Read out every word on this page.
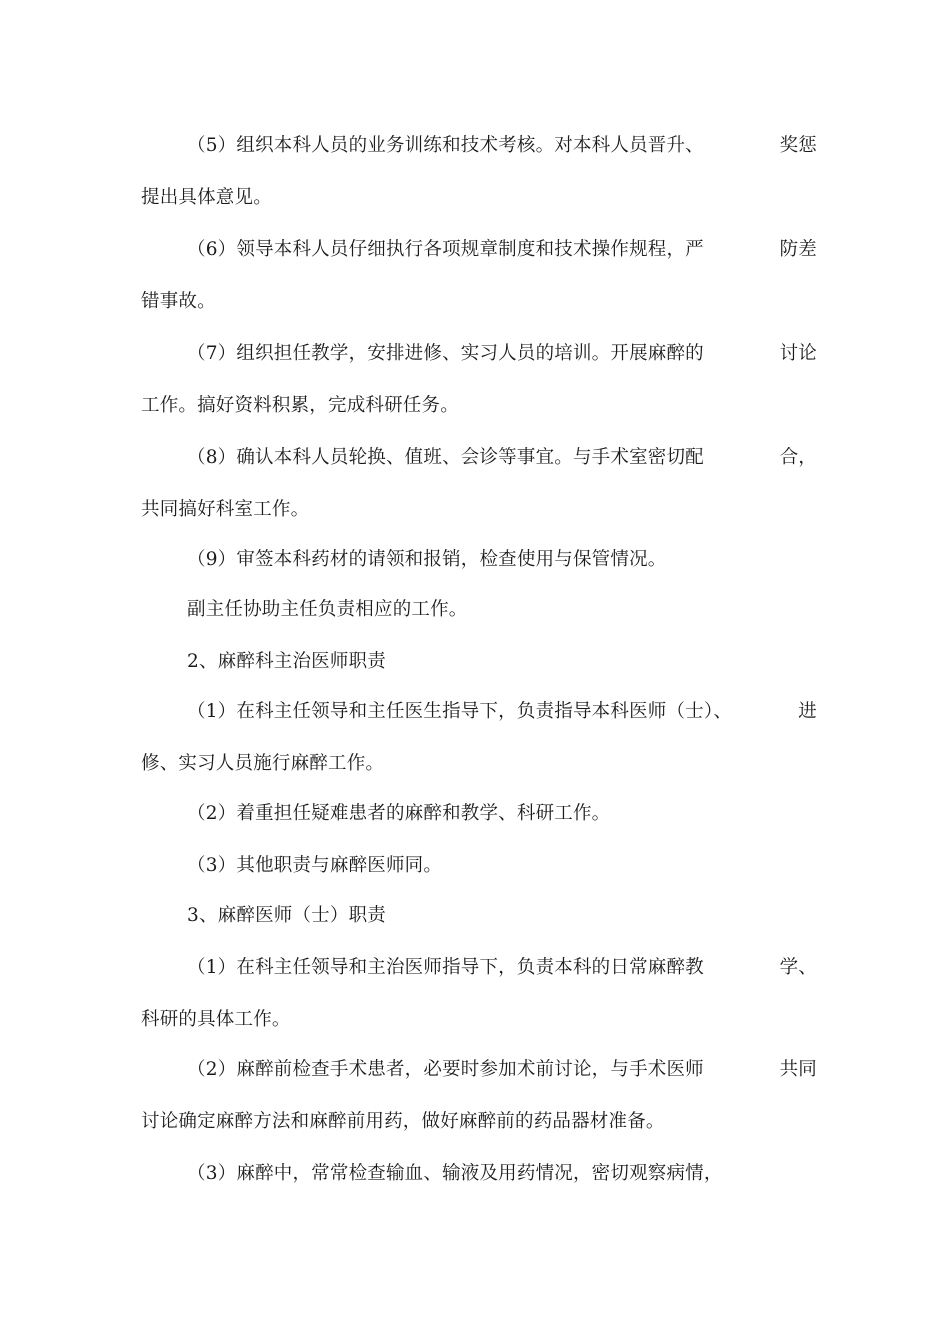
（5）组织本科人员的业务训练和技术考核。对本科人员晋升、	奖惩
提出具体意见。
（6）领导本科人员仔细执行各项规章制度和技术操作规程，严	防差
错事故。
（7）组织担任教学，安排进修、实习人员的培训。开展麻醉的	讨论
工作。搞好资料积累，完成科研任务。
（8）确认本科人员轮换、值班、会诊等事宜。与手术室密切配	合，
共同搞好科室工作。
（9）审签本科药材的请领和报销，检查使用与保管情况。
副主任协助主任负责相应的工作。
2、麻醉科主治医师职责
（1）在科主任领导和主任医生指导下，负责指导本科医师（士）、	进
修、实习人员施行麻醉工作。
（2）着重担任疑难患者的麻醉和教学、科研工作。
（3）其他职责与麻醉医师同。
3、麻醉医师（士）职责
（1）在科主任领导和主治医师指导下，负责本科的日常麻醉教	学、
科研的具体工作。
（2）麻醉前检查手术患者，必要时参加术前讨论，与手术医师	共同
讨论确定麻醉方法和麻醉前用药，做好麻醉前的药品器材准备。
（3）麻醉中，常常检查输血、输液及用药情况，密切观察病情，
